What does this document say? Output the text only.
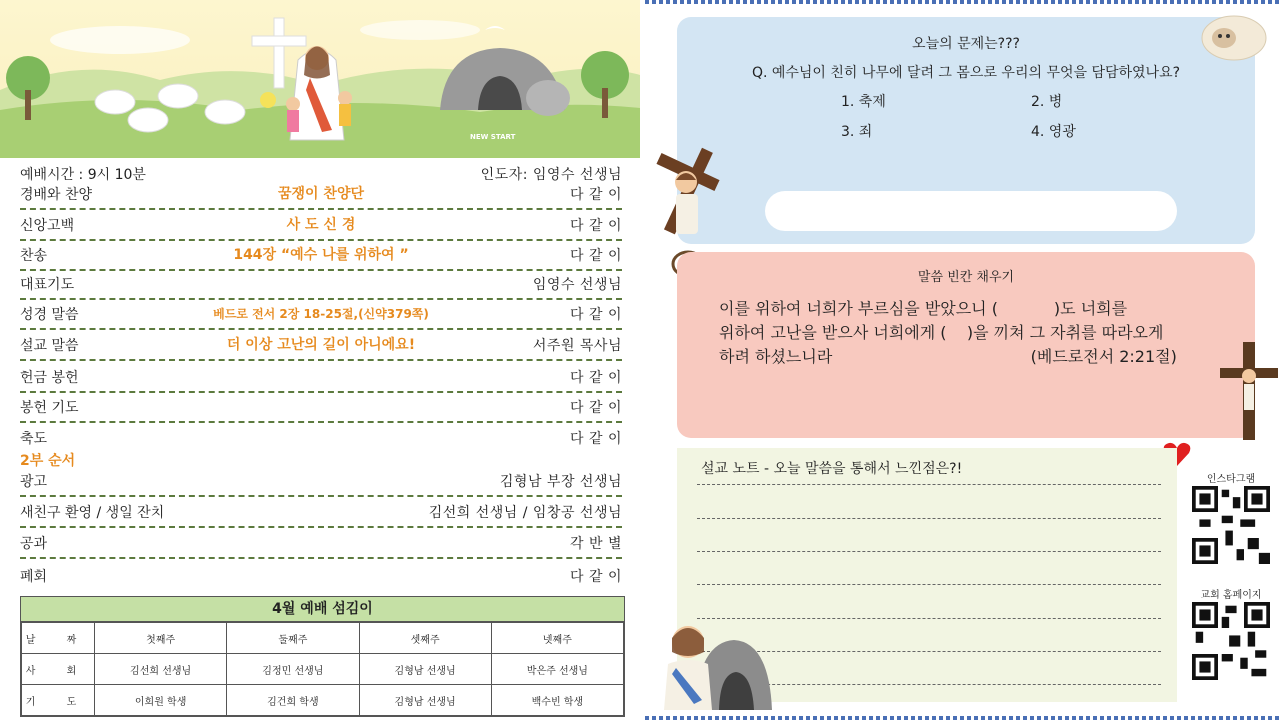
NEW START
예배시간 : 9시 10분	인도자: 임영수 선생님
경배와 찬양	꿈쟁이 찬양단	다 같 이
신앙고백	사 도 신 경	다 같 이
찬송	144장 “예수 나를 위하여 ”	다 같 이
대표기도	임영수 선생님
성경 말씀	베드로 전서 2장 18-25절,(신약379쪽)	다 같 이
설교 말씀	더 이상 고난의 길이 아니에요!	서주원 목사님
헌금 봉헌	다 같 이
봉헌 기도	다 같 이
축도	다 같 이
2부 순서
광고	김형남 부장 선생님
새친구 환영 / 생일 잔치	김선희 선생님 / 임창공 선생님
공과	각 반 별
폐회	다 같 이
4월 예배 섬김이
날 짜	첫째주	둘째주	셋째주	넷째주
사 회	김선희 선생님	김정민 선생님	김형남 선생님	박은주 선생님
기 도	이희원 학생	김건희 학생	김형남 선생님	백수빈 학생
오늘의 문제는???
Q. 예수님이 친히 나무에 달려 그 몸으로 우리의 무엇을 담담하였나요?
1. 축제	2. 병
3. 죄	4. 영광
말씀 빈칸 채우기
이를 위하여 너희가 부르심을 받았으니 (           )도 너희를
위하여 고난을 받으사 너희에게 (    )을 끼쳐 그 자취를 따라오게
하려 하셨느니라                                       (베드로전서 2:21절)
설교 노트 - 오늘 말씀을 통해서 느낀점은?!
인스타그램
교회 홈페이지
